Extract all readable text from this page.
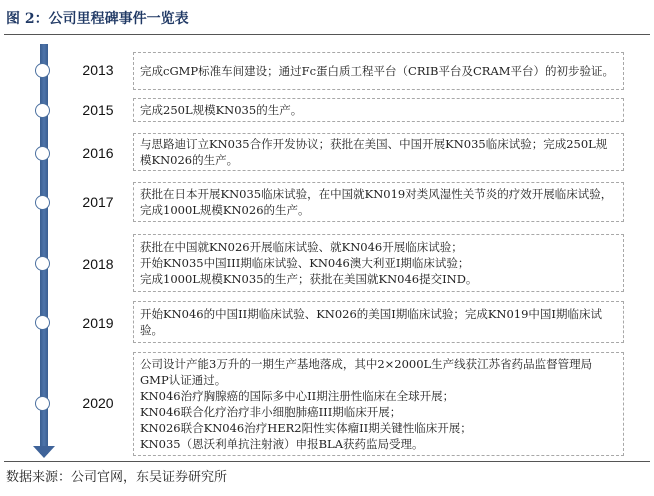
图 2：公司里程碑事件一览表
2013	完成cGMP标准车间建设；通过Fc蛋白质工程平台（CRIB平台及CRAM平台）的初步验证。
2015	完成250L规模KN035的生产。
2016
与思路迪订立KN035合作开发协议；获批在美国、中国开展KN035临床试验；完成250L规模KN026的生产。
2017	获批在日本开展KN035临床试验，在中国就KN019对类风湿性关节炎的疗效开展临床试验，完成1000L规模KN026的生产。
2018
获批在中国就KN026开展临床试验、就KN046开展临床试验；
开始KN035中国III期临床试验、KN046澳大利亚I期临床试验；
完成1000L规模KN035的生产；获批在美国就KN046提交IND。
2019
开始KN046的中国II期临床试验、KN026的美国I期临床试验；完成KN019中国I期临床试验。
2020
公司设计产能3万升的一期生产基地落成，其中2×2000L生产线获江苏省药品监督管理局GMP认证通过。
KN046治疗胸腺癌的国际多中心II期注册性临床在全球开展；
KN046联合化疗治疗非小细胞肺癌III期临床开展；
KN026联合KN046治疗HER2阳性实体瘤II期关键性临床开展；
KN035（恩沃利单抗注射液）申报BLA获药监局受理。
数据来源：公司官网，东吴证券研究所
